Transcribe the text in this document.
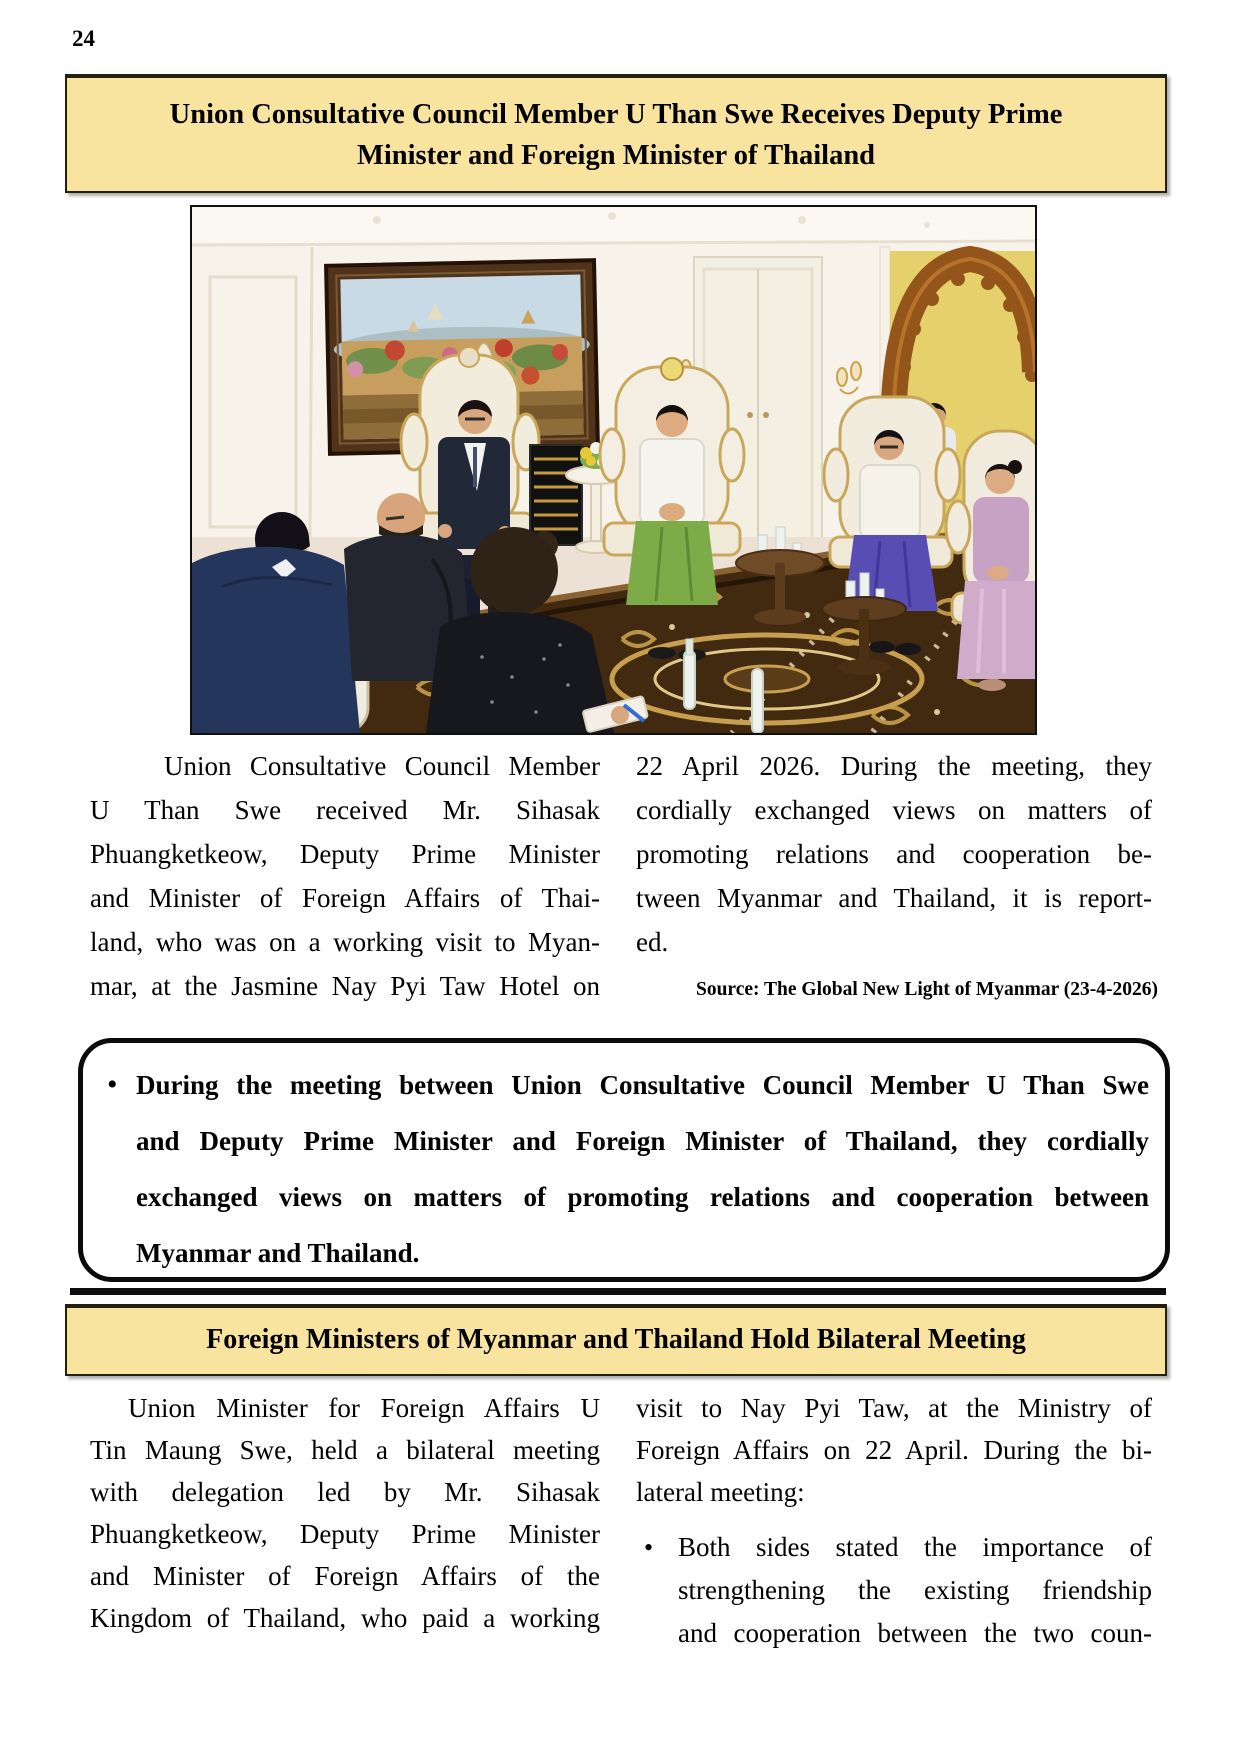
24
Union Consultative Council Member U Than Swe Receives Deputy Prime
Minister and Foreign Minister of Thailand
Union Consultative Council Member
U Than Swe received Mr. Sihasak
Phuangketkeow, Deputy Prime Minister
and Minister of Foreign Affairs of Thai-
land, who was on a working visit to Myan-
mar, at the Jasmine Nay Pyi Taw Hotel on
22 April 2026. During the meeting, they
cordially exchanged views on matters of
promoting relations and cooperation be-
tween Myanmar and Thailand, it is report-
ed.
Source: The Global New Light of Myanmar (23-4-2026)
• During the meeting between Union Consultative Council Member U Than Swe
and Deputy Prime Minister and Foreign Minister of Thailand, they cordially
exchanged views on matters of promoting relations and cooperation between
Myanmar and Thailand.
Foreign Ministers of Myanmar and Thailand Hold Bilateral Meeting
Union Minister for Foreign Affairs U
Tin Maung Swe, held a bilateral meeting
with delegation led by Mr. Sihasak
Phuangketkeow, Deputy Prime Minister
and Minister of Foreign Affairs of the
Kingdom of Thailand, who paid a working
visit to Nay Pyi Taw, at the Ministry of
Foreign Affairs on 22 April. During the bi-
lateral meeting:
• Both sides stated the importance of
strengthening the existing friendship
and cooperation between the two coun-
